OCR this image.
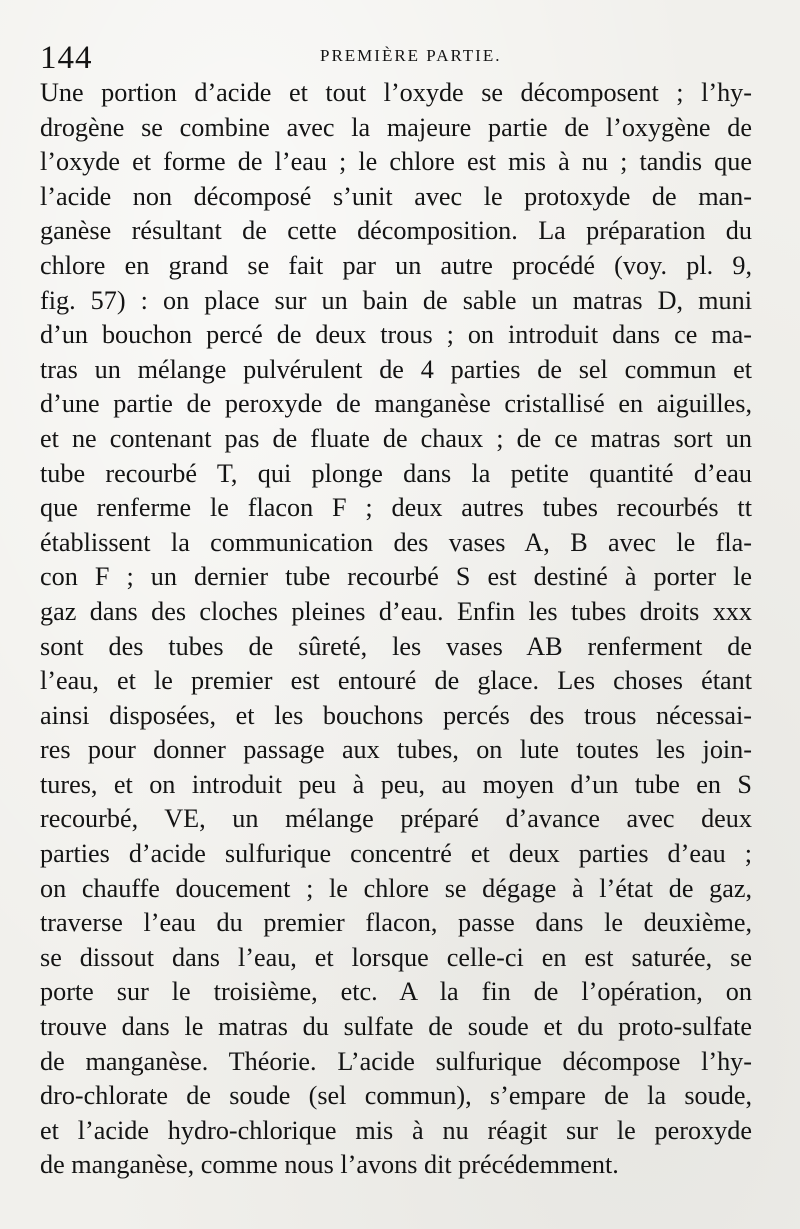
144	PREMIÈRE PARTIE.
Une portion d’acide et tout l’oxyde se décomposent ; l’hy-
drogène se combine avec la majeure partie de l’oxygène de
l’oxyde et forme de l’eau ; le chlore est mis à nu ; tandis que
l’acide non décomposé s’unit avec le protoxyde de man-
ganèse résultant de cette décomposition. La préparation du
chlore en grand se fait par un autre procédé (voy. pl. 9,
fig. 57) : on place sur un bain de sable un matras D, muni
d’un bouchon percé de deux trous ; on introduit dans ce ma-
tras un mélange pulvérulent de 4 parties de sel commun et
d’une partie de peroxyde de manganèse cristallisé en aiguilles,
et ne contenant pas de fluate de chaux ; de ce matras sort un
tube recourbé T, qui plonge dans la petite quantité d’eau
que renferme le flacon F ; deux autres tubes recourbés tt
établissent la communication des vases A, B avec le fla-
con F ; un dernier tube recourbé S est destiné à porter le
gaz dans des cloches pleines d’eau. Enfin les tubes droits xxx
sont des tubes de sûreté, les vases AB renferment de
l’eau, et le premier est entouré de glace. Les choses étant
ainsi disposées, et les bouchons percés des trous nécessai-
res pour donner passage aux tubes, on lute toutes les join-
tures, et on introduit peu à peu, au moyen d’un tube en S
recourbé, VE, un mélange préparé d’avance avec deux
parties d’acide sulfurique concentré et deux parties d’eau ;
on chauffe doucement ; le chlore se dégage à l’état de gaz,
traverse l’eau du premier flacon, passe dans le deuxième,
se dissout dans l’eau, et lorsque celle-ci en est saturée, se
porte sur le troisième, etc. A la fin de l’opération, on
trouve dans le matras du sulfate de soude et du proto-sulfate
de manganèse. Théorie. L’acide sulfurique décompose l’hy-
dro-chlorate de soude (sel commun), s’empare de la soude,
et l’acide hydro-chlorique mis à nu réagit sur le peroxyde
de manganèse, comme nous l’avons dit précédemment.
